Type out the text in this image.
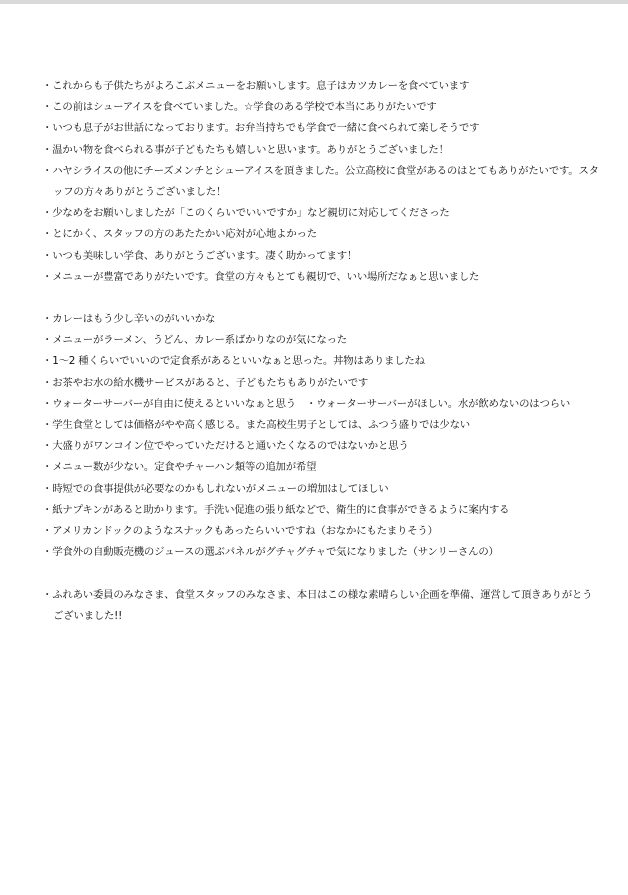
・これからも子供たちがよろこぶメニューをお願いします。息子はカツカレーを食べています
・この前はシューアイスを食べていました。☆学食のある学校で本当にありがたいです
・いつも息子がお世話になっております。お弁当持ちでも学食で一緒に食べられて楽しそうです
・温かい物を食べられる事が子どもたちも嬉しいと思います。ありがとうございました！
・ハヤシライスの他にチーズメンチとシューアイスを頂きました。公立高校に食堂があるのはとてもありがたいです。スタッフの方々ありがとうございました！
・少なめをお願いしましたが「このくらいでいいですか」など親切に対応してくださった
・とにかく、スタッフの方のあたたかい応対が心地よかった
・いつも美味しい学食、ありがとうございます。凄く助かってます！
・メニューが豊富でありがたいです。食堂の方々もとても親切で、いい場所だなぁと思いました
・カレーはもう少し辛いのがいいかな
・メニューがラーメン、うどん、カレー系ばかりなのが気になった
・1～2 種くらいでいいので定食系があるといいなぁと思った。丼物はありましたね
・お茶やお水の給水機サービスがあると、子どもたちもありがたいです
・ウォーターサーバーが自由に使えるといいなぁと思う　・ウォーターサーバーがほしい。水が飲めないのはつらい
・学生食堂としては価格がやや高く感じる。また高校生男子としては、ふつう盛りでは少ない
・大盛りがワンコイン位でやっていただけると通いたくなるのではないかと思う
・メニュー数が少ない。定食やチャーハン類等の追加が希望
・時短での食事提供が必要なのかもしれないがメニューの増加はしてほしい
・紙ナプキンがあると助かります。手洗い促進の張り紙などで、衛生的に食事ができるように案内する
・アメリカンドックのようなスナックもあったらいいですね（おなかにもたまりそう）
・学食外の自動販売機のジュースの選ぶパネルがグチャグチャで気になりました（サンリーさんの）
・ふれあい委員のみなさま、食堂スタッフのみなさま、本日はこの様な素晴らしい企画を準備、運営して頂きありがとうございました!!
